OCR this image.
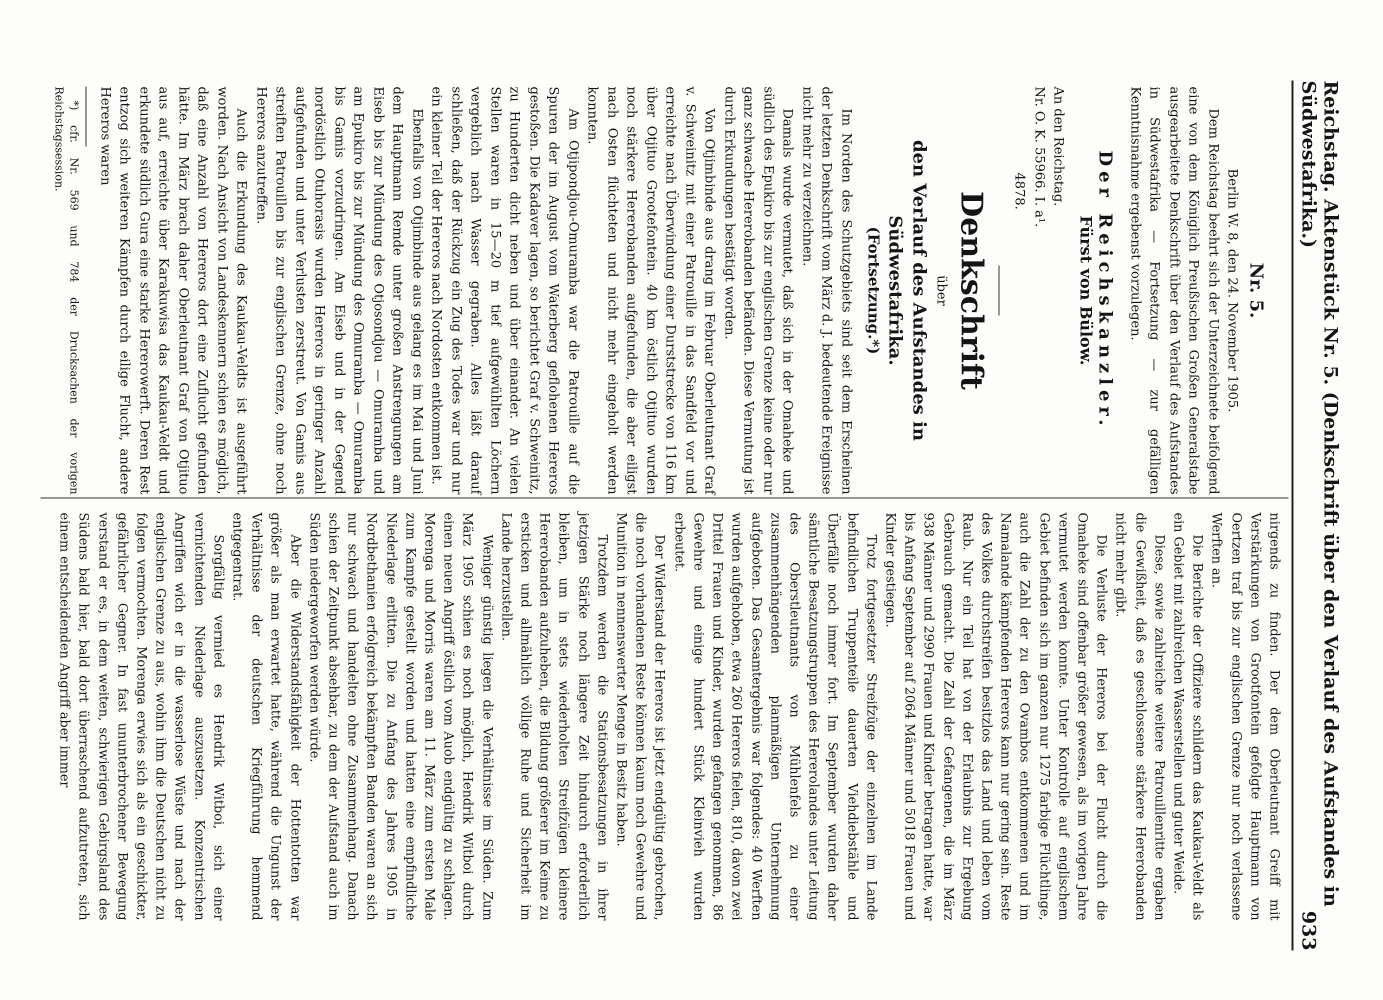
Reichstag. Aktenstück Nr. 5. (Denkschrift über den Verlauf des Aufstandes in Südwestafrika.)
933

Nr. 5.

Berlin W. 8, den 24. November 1905.

Dem Reichstag beehrt sich der Unterzeichnete beifolgend eine von dem Königlich Preußischen Großen Generalstabe ausgearbeitete Denkschrift über den Verlauf des Aufstandes in Südwestafrika — Fortsetzung — zur gefälligen Kenntnisnahme ergebenst vorzulegen.

Der Reichskanzler.

Fürst von Bülow.

An den Reichstag.

Nr. O. K. 55966. I. a¹.

4878.

Denkschrift

über

den Verlauf des Aufstandes in Südwestafrika.

(Fortsetzung.*)

Im Norden des Schutzgebiets sind seit dem Erscheinen der letzten Denkschrift vom März d. J. bedeutende Ereignisse nicht mehr zu verzeichnen.

Damals wurde vermutet, daß sich in der Omaheke und südlich des Epukiro bis zur englischen Grenze keine oder nur ganz schwache Hererobanden befänden. Diese Vermutung ist durch Erkundungen bestätigt worden.

Von Otjimbinde aus drang im Februar Oberleutnant Graf v. Schweinitz mit einer Patrouille in das Sandfeld vor und erreichte nach Überwindung einer Durststrecke von 116 km über Otjituo Grootefontein. 40 km östlich Otjituo wurden noch stärkere Hererobanden aufgefunden, die aber eiligst nach Osten flüchteten und nicht mehr eingeholt werden konnten.

Am Otjipondjou-Omuramba war die Patrouille auf die Spuren der im August vom Waterberg geflohenen Hereros gestoßen. Die Kadaver lagen, so berichtet Graf v. Schweinitz, zu Hunderten dicht neben und über einander. An vielen Stellen waren in 15—20 m tief aufgewühlten Löchern vergeblich nach Wasser gegraben. Alles läßt darauf schließen, daß der Rückzug ein Zug des Todes war und nur ein kleiner Teil der Hereros nach Nordosten entkommen ist.

Ebenfalls von Otjimbinde aus gelang es im Mai und Juni dem Hauptmann Remde unter großen Anstrengungen am Eiseb bis zur Mündung des Otjosondjou — Omuramba und am Epukiro bis zur Mündung des Omuramba — Omuramba bis Gamis vorzudringen. Am Eiseb und in der Gegend nordöstlich Otuhorasis wurden Hereros in geringer Anzahl aufgefunden und unter Verlusten zerstreut. Von Gamis aus streiften Patrouillen bis zur englischen Grenze, ohne noch Hereros anzutreffen.

Auch die Erkundung des Kaukau-Veldts ist ausgeführt worden. Nach Ansicht von Landeskennern schien es möglich, daß eine Anzahl von Hereros dort eine Zuflucht gefunden hätte. Im März brach daher Oberleutnant Graf von Otjituo aus auf, erreichte über Karakuwisa das Kaukau-Veldt und erkundete südlich Gura eine starke Hererowerft. Deren Rest entzog sich weiteren Kämpfen durch eilige Flucht, andere Hereros waren

*) cfr. Nr. 569 und 784 der Drucksachen der vorigen Reichstagssession.

nirgends zu finden. Der dem Oberleutnant Greiff mit Verstärkungen von Grootfontein gefolgte Hauptmann von Oertzen traf bis zur englischen Grenze nur noch verlassene Werften an.

Die Berichte der Offiziere schildern das Kaukau-Veldt als ein Gebiet mit zahlreichen Wasserstellen und guter Weide.

Diese, sowie zahlreiche weitere Patrouillenritte ergaben die Gewißheit, daß es geschlossene stärkere Hererobanden nicht mehr gibt.

Die Verluste der Hereros bei der Flucht durch die Omaheke sind offenbar größer gewesen, als im vorigen Jahre vermutet werden konnte. Unter Kontrolle auf englischem Gebiet befinden sich im ganzen nur 1275 farbige Flüchtlinge, auch die Zahl der zu den Ovambos entkommenen und im Namalande kämpfenden Hereros kann nur gering sein. Reste des Volkes durchstreifen besitzlos das Land und leben vom Raub. Nur ein Teil hat von der Erlaubnis zur Ergebung Gebrauch gemacht. Die Zahl der Gefangenen, die im März 938 Männer und 2990 Frauen und Kinder betragen hatte, war bis Anfang September auf 2064 Männer und 5018 Frauen und Kinder gestiegen.

Trotz fortgesetzter Streifzüge der einzelnen im Lande befindlichen Truppenteile dauerten Viehdiebstähle und Überfälle noch immer fort. Im September wurden daher sämtliche Besatzungstruppen des Hererolandes unter Leitung des Oberstleutnants von Mühlenfels zu einer zusammenhängenden planmäßigen Unternehmung aufgeboten. Das Gesamtergebnis war folgendes: 40 Werften wurden aufgehoben, etwa 260 Hereros fielen, 810, davon zwei Drittel Frauen und Kinder, wurden gefangen genommen, 86 Gewehre und einige hundert Stück Kleinvieh wurden erbeutet.

Der Widerstand der Hereros ist jetzt endgültig gebrochen, die noch vorhandenen Reste können kaum noch Gewehre und Munition in nennenswerter Menge in Besitz haben.

Trotzdem werden die Stationsbesatzungen in ihrer jetzigen Stärke noch längere Zeit hindurch erforderlich bleiben, um in stets wiederholten Streifzügen kleinere Hererobanden aufzuheben, die Bildung größerer im Keime zu ersticken und allmählich völlige Ruhe und Sicherheit im Lande herzustellen.

Weniger günstig liegen die Verhältnisse im Süden. Zum März 1905 schien es noch möglich, Hendrik Witboi durch einen neuen Angriff östlich vom Auob endgültig zu schlagen. Morenga und Morris waren am 11. März zum ersten Male zum Kampfe gestellt worden und hatten eine empfindliche Niederlage erlitten. Die zu Anfang des Jahres 1905 in Nordbethanien erfolgreich bekämpften Banden waren an sich nur schwach und handelten ohne Zusammenhang. Danach schien der Zeitpunkt absehbar, zu dem der Aufstand auch im Süden niedergeworfen werden würde.

Aber die Widerstandsfähigkeit der Hottentotten war größer als man erwartet hatte, während die Ungunst der Verhältnisse der deutschen Kriegführung hemmend entgegentrat.

Sorgfältig vermied es Hendrik Witboi, sich einer vernichtenden Niederlage auszusetzen. Konzentrischen Angriffen wich er in die wasserlose Wüste und nach der englischen Grenze zu aus, wohin ihm die Deutschen nicht zu folgen vermochten. Morenga erwies sich als ein geschickter, gefährlicher Gegner. In fast ununterbrochener Bewegung verstand er es, in dem weiten, schwierigen Gebirgsland des Südens bald hier, bald dort überraschend aufzutreten, sich einem entscheidenden Angriff aber immer
